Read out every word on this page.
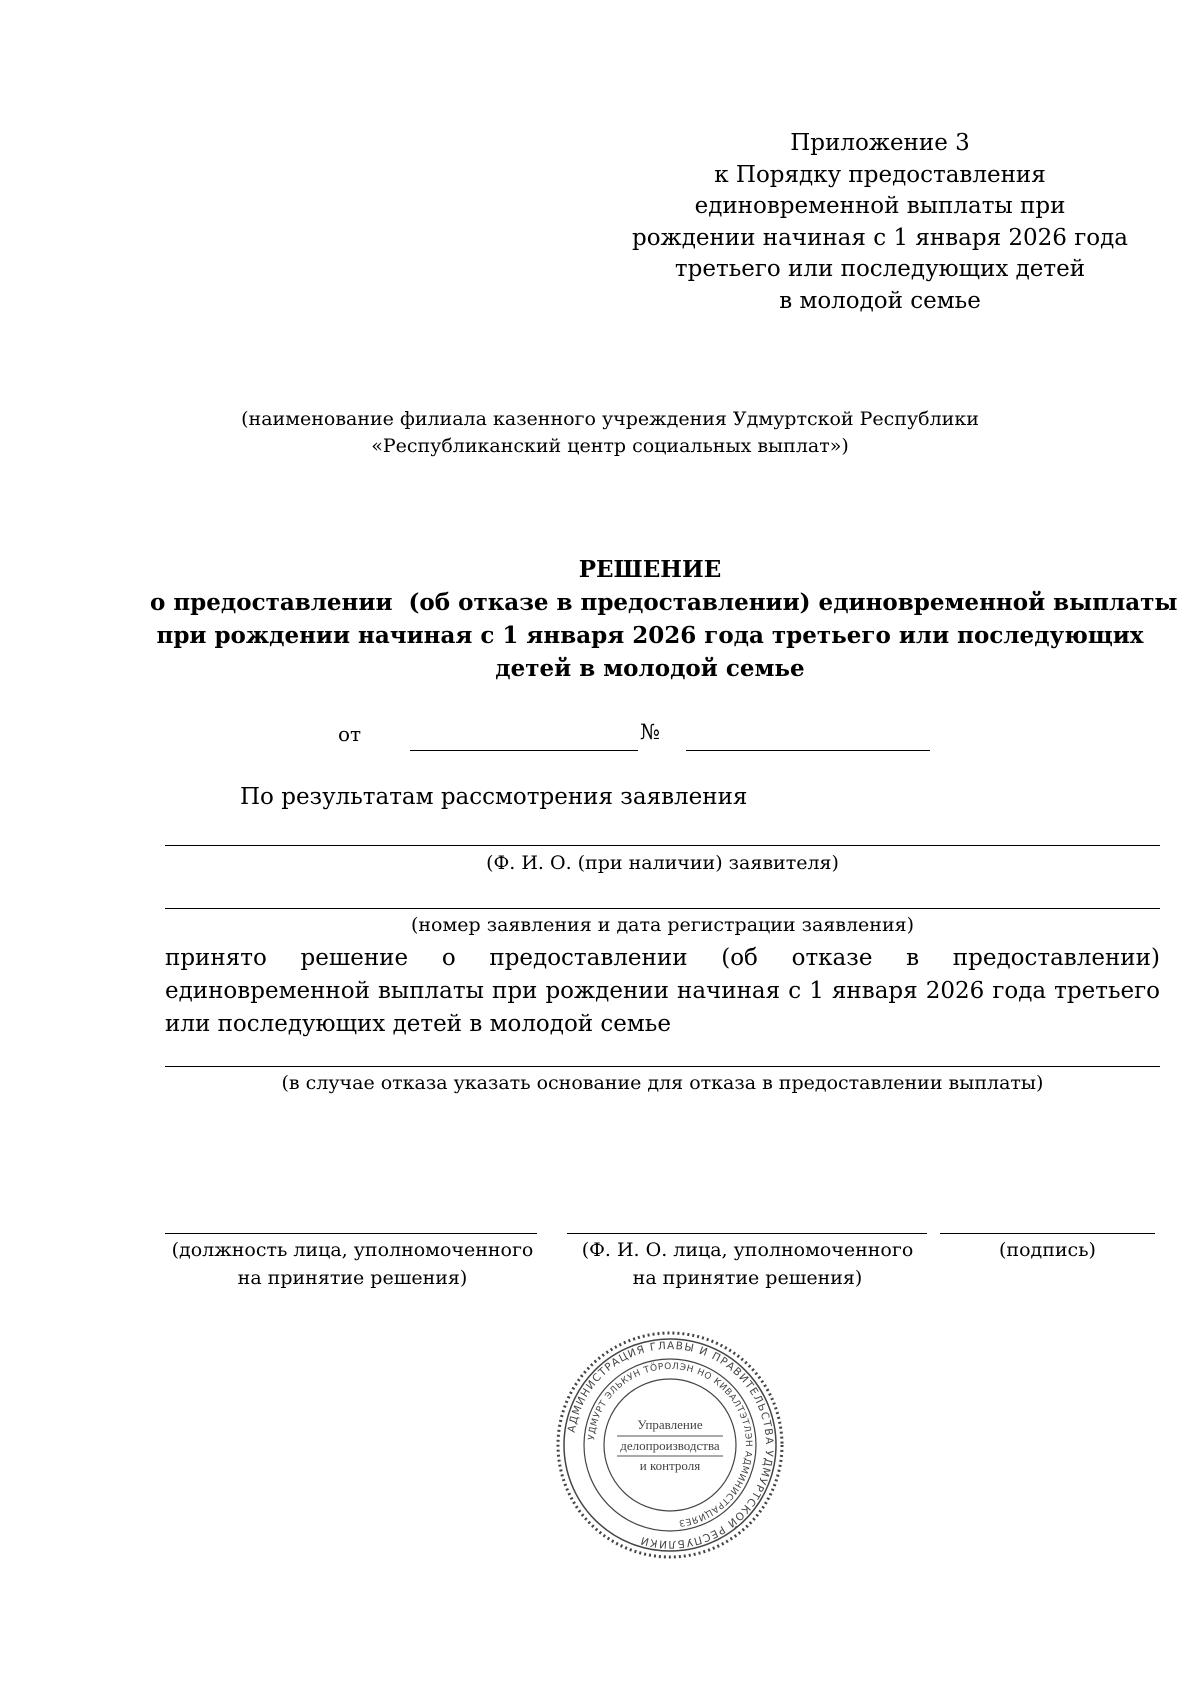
Приложение 3
к Порядку предоставления
единовременной выплаты при
рождении начиная с 1 января 2026 года
третьего или последующих детей
в молодой семье
(наименование филиала казенного учреждения Удмуртской Республики
«Республиканский центр социальных выплат»)
РЕШЕНИЕ
о предоставлении  (об отказе в предоставлении) единовременной выплаты
при рождении начиная с 1 января 2026 года третьего или последующих
детей в молодой семье
от	№
По результатам рассмотрения заявления
(Ф. И. О. (при наличии) заявителя)
(номер заявления и дата регистрации заявления)
принято решение о предоставлении (об отказе в предоставлении)
единовременной выплаты при рождении начиная с 1 января 2026 года третьего
или последующих детей в молодой семье
(в случае отказа указать основание для отказа в предоставлении выплаты)
(должность лица, уполномоченного
на принятие решения)
(Ф. И. О. лица, уполномоченного
на принятие решения)
(подпись)
АДМИНИСТРАЦИЯ ГЛАВЫ И ПРАВИТЕЛЬСТВА УДМУРТСКОЙ РЕСПУБЛИКИ
УДМУРТ ЭЛЬКУН ТӦРОЛЭН НО КИВАЛТЭТЛЭН АДМИНИСТРАЦИЯЕЗ
Управление
делопроизводства
и контроля
